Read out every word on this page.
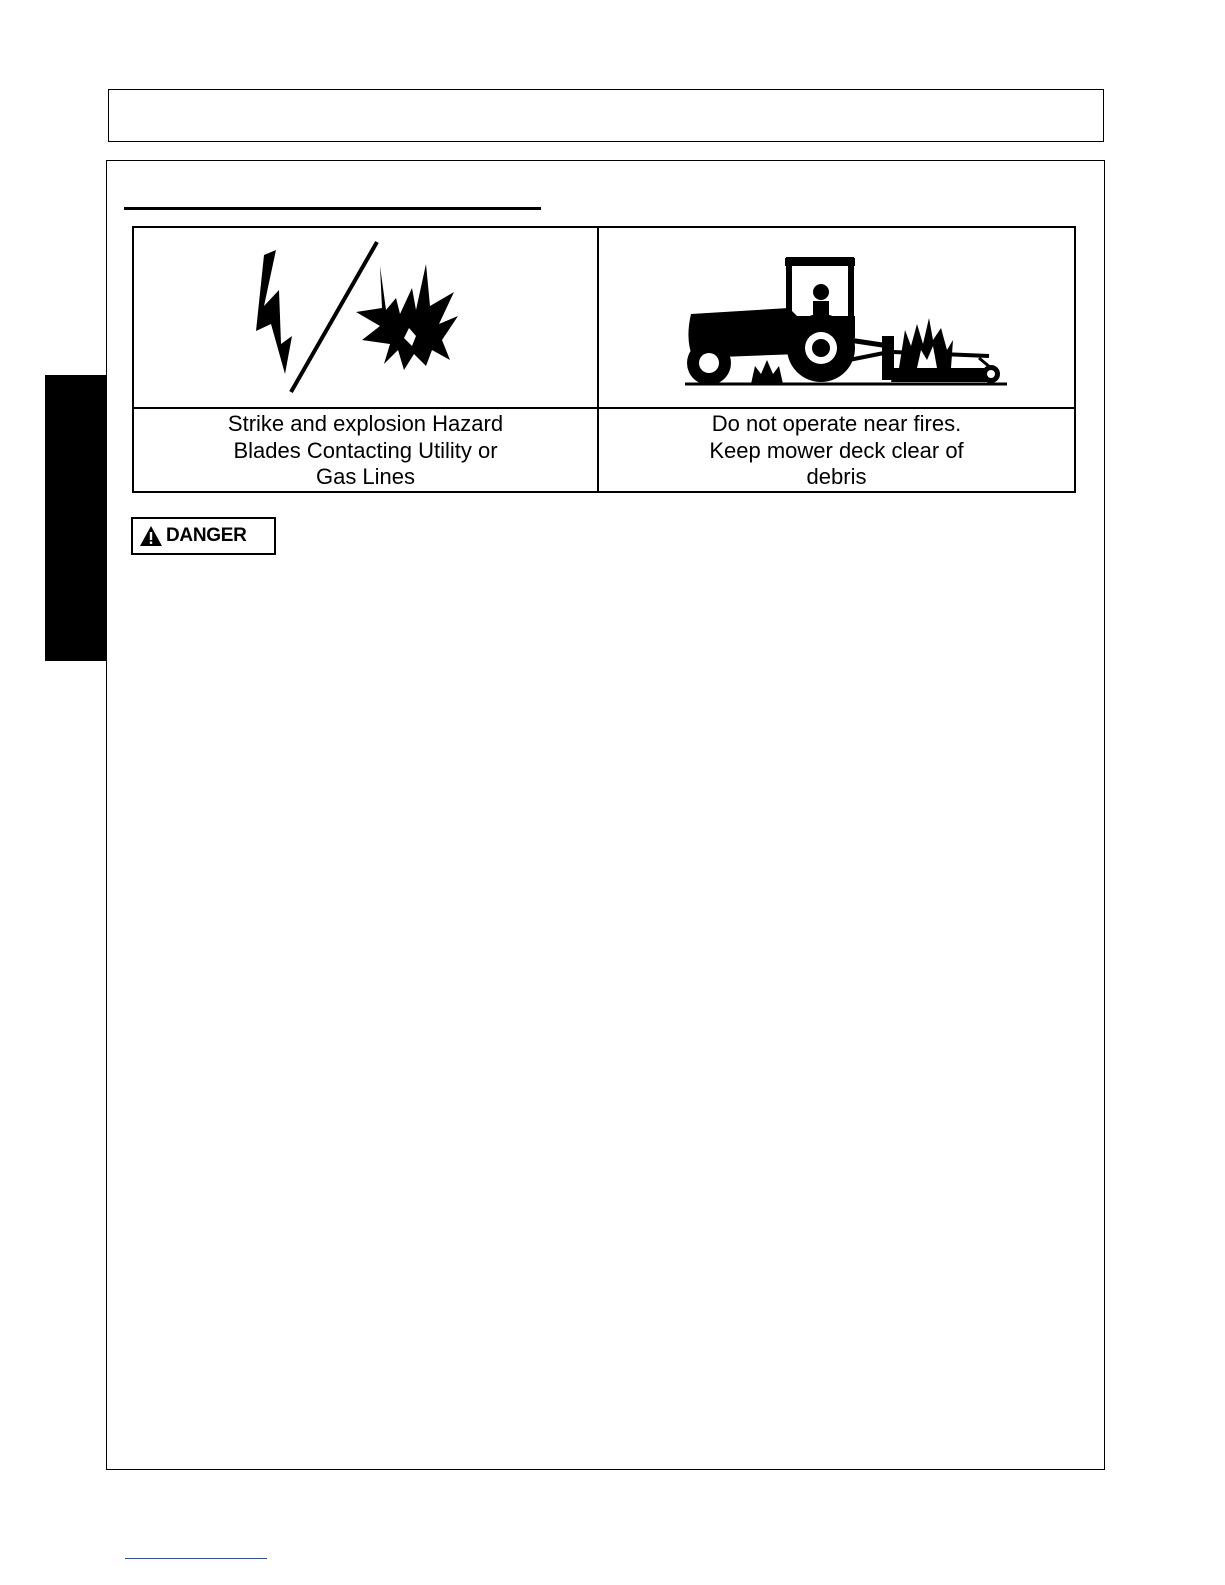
Strike and explosion Hazard
Blades Contacting Utility or
Gas Lines
Do not operate near fires.
Keep mower deck clear of
debris
DANGER
